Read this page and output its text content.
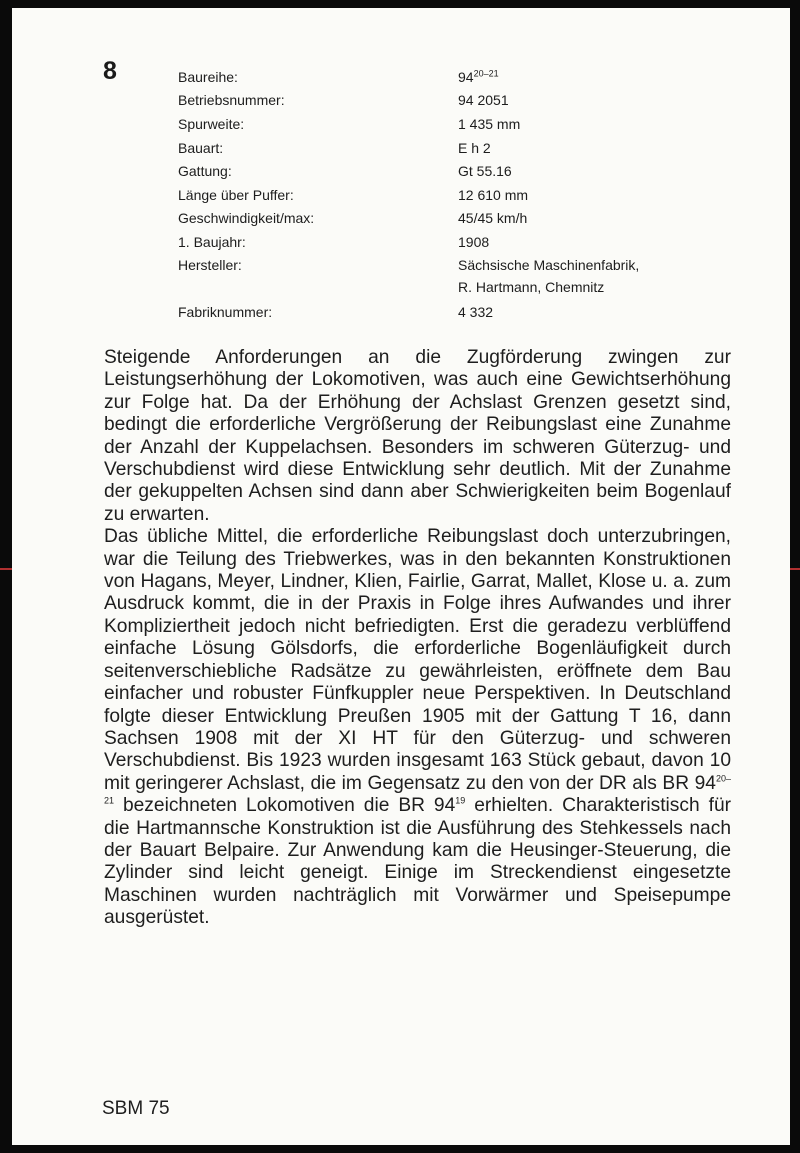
8	Baureihe:	94$^{20-21}$
Betriebsnummer:	94 2051
Spurweite:	1 435 mm
Bauart:	E h 2
Gattung:	Gt 55.16
Länge über Puffer:	12 610 mm
Geschwindigkeit/max:	45/45 km/h
1. Baujahr:	1908
Hersteller:	Sächsische Maschinenfabrik,
R. Hartmann, Chemnitz
Fabriknummer:	4 332

Steigende Anforderungen an die Zugförderung zwingen zur Leistungserhöhung der Lokomotiven, was auch eine Gewichtserhöhung zur Folge hat. Da der Erhöhung der Achslast Grenzen gesetzt sind, bedingt die erforderliche Vergrößerung der Reibungslast eine Zunahme der Anzahl der Kuppelachsen. Besonders im schweren Güterzug- und Verschubdienst wird diese Entwicklung sehr deutlich. Mit der Zunahme der gekuppelten Achsen sind dann aber Schwierigkeiten beim Bogenlauf zu erwarten.

Das übliche Mittel, die erforderliche Reibungslast doch unterzubringen, war die Teilung des Triebwerkes, was in den bekannten Konstruktionen von Hagans, Meyer, Lindner, Klien, Fairlie, Garrat, Mallet, Klose u. a. zum Ausdruck kommt, die in der Praxis in Folge ihres Aufwandes und ihrer Kompliziertheit jedoch nicht befriedigten. Erst die geradezu verblüffend einfache Lösung Gölsdorfs, die erforderliche Bogenläufigkeit durch seitenverschiebliche Radsätze zu gewährleisten, eröffnete dem Bau einfacher und robuster Fünfkuppler neue Perspektiven. In Deutschland folgte dieser Entwicklung Preußen 1905 mit der Gattung T 16, dann Sachsen 1908 mit der XI HT für den Güterzug- und schweren Verschubdienst. Bis 1923 wurden insgesamt 163 Stück gebaut, davon 10 mit geringerer Achslast, die im Gegensatz zu den von der DR als BR 94$^{20-21}$ bezeichneten Lokomotiven die BR $94^{19}$ erhielten. Charakteristisch für die Hartmannsche Konstruktion ist die Ausführung des Stehkessels nach der Bauart Belpaire. Zur Anwendung kam die Heusinger-Steuerung, die Zylinder sind leicht geneigt. Einige im Streckendienst eingesetzte Maschinen wurden nachträglich mit Vorwärmer und Speisepumpe ausgerüstet.

SBM 75
